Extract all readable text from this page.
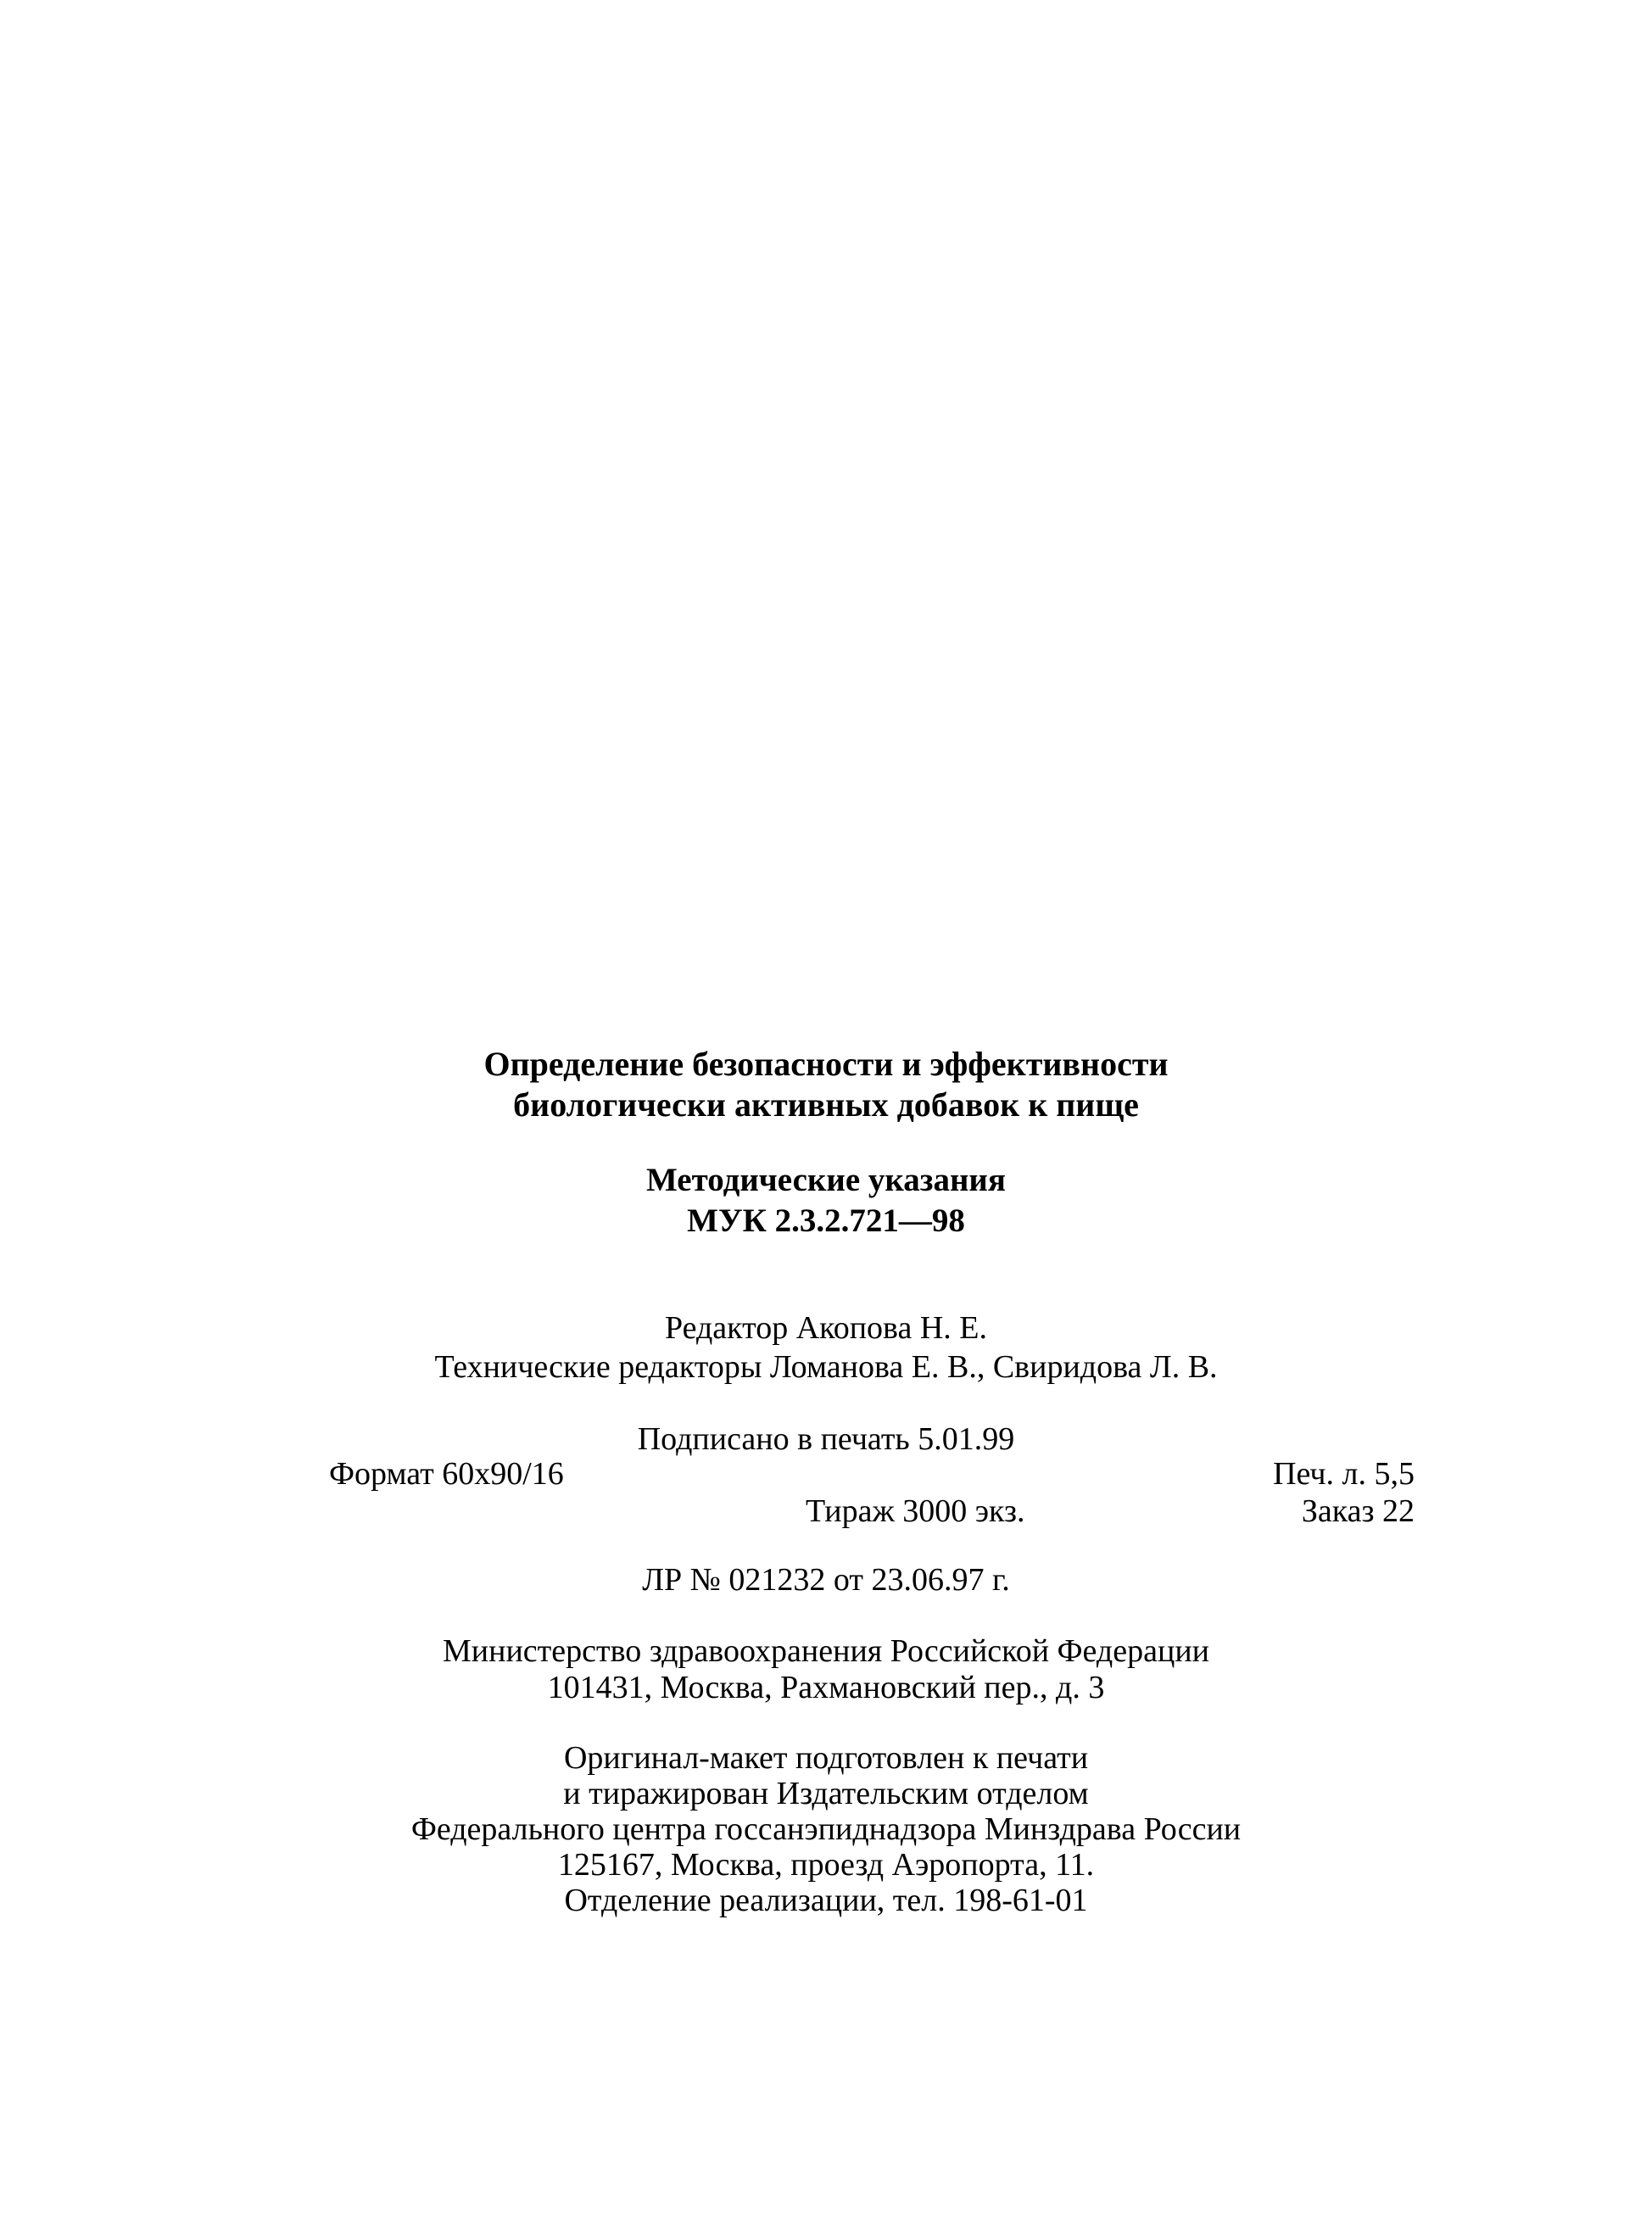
Определение безопасности и эффективности
биологически активных добавок к пище
Методические указания
МУК 2.3.2.721—98
Редактор Акопова Н. Е.
Технические редакторы Ломанова Е. В., Свиридова Л. В.
Подписано в печать 5.01.99
Формат 60x90/16	Печ. л. 5,5
Тираж 3000 экз.	Заказ 22
ЛР № 021232 от 23.06.97 г.
Министерство здравоохранения Российской Федерации
101431, Москва, Рахмановский пер., д. 3
Оригинал-макет подготовлен к печати
и тиражирован Издательским отделом
Федерального центра госсанэпиднадзора Минздрава России
125167, Москва, проезд Аэропорта, 11.
Отделение реализации, тел. 198-61-01
